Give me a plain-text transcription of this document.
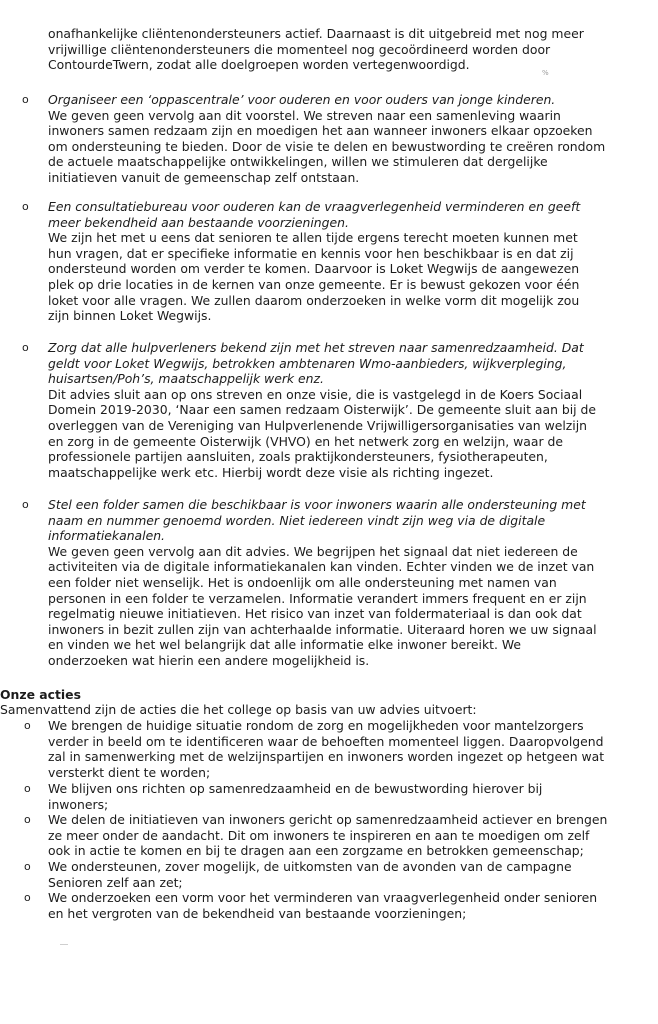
onafhankelijke cliëntenondersteuners actief. Daarnaast is dit uitgebreid met nog meer
vrijwillige cliëntenondersteuners die momenteel nog gecoördineerd worden door
ContourdeTwern, zodat alle doelgroepen worden vertegenwoordigd.
%
o Organiseer een ‘oppascentrale’ voor ouderen en voor ouders van jonge kinderen.
We geven geen vervolg aan dit voorstel. We streven naar een samenleving waarin
inwoners samen redzaam zijn en moedigen het aan wanneer inwoners elkaar opzoeken
om ondersteuning te bieden. Door de visie te delen en bewustwording te creëren rondom
de actuele maatschappelijke ontwikkelingen, willen we stimuleren dat dergelijke
initiatieven vanuit de gemeenschap zelf ontstaan.
o Een consultatiebureau voor ouderen kan de vraagverlegenheid verminderen en geeft
meer bekendheid aan bestaande voorzieningen.
We zijn het met u eens dat senioren te allen tijde ergens terecht moeten kunnen met
hun vragen, dat er specifieke informatie en kennis voor hen beschikbaar is en dat zij
ondersteund worden om verder te komen. Daarvoor is Loket Wegwijs de aangewezen
plek op drie locaties in de kernen van onze gemeente. Er is bewust gekozen voor één
loket voor alle vragen. We zullen daarom onderzoeken in welke vorm dit mogelijk zou
zijn binnen Loket Wegwijs.
o Zorg dat alle hulpverleners bekend zijn met het streven naar samenredzaamheid. Dat
geldt voor Loket Wegwijs, betrokken ambtenaren Wmo-aanbieders, wijkverpleging,
huisartsen/Poh’s, maatschappelijk werk enz.
Dit advies sluit aan op ons streven en onze visie, die is vastgelegd in de Koers Sociaal
Domein 2019-2030, ‘Naar een samen redzaam Oisterwijk’. De gemeente sluit aan bij de
overleggen van de Vereniging van Hulpverlenende Vrijwilligersorganisaties van welzijn
en zorg in de gemeente Oisterwijk (VHVO) en het netwerk zorg en welzijn, waar de
professionele partijen aansluiten, zoals praktijkondersteuners, fysiotherapeuten,
maatschappelijke werk etc. Hierbij wordt deze visie als richting ingezet.
o Stel een folder samen die beschikbaar is voor inwoners waarin alle ondersteuning met
naam en nummer genoemd worden. Niet iedereen vindt zijn weg via de digitale
informatiekanalen.
We geven geen vervolg aan dit advies. We begrijpen het signaal dat niet iedereen de
activiteiten via de digitale informatiekanalen kan vinden. Echter vinden we de inzet van
een folder niet wenselijk. Het is ondoenlijk om alle ondersteuning met namen van
personen in een folder te verzamelen. Informatie verandert immers frequent en er zijn
regelmatig nieuwe initiatieven. Het risico van inzet van foldermateriaal is dan ook dat
inwoners in bezit zullen zijn van achterhaalde informatie. Uiteraard horen we uw signaal
en vinden we het wel belangrijk dat alle informatie elke inwoner bereikt. We
onderzoeken wat hierin een andere mogelijkheid is.
Onze acties
Samenvattend zijn de acties die het college op basis van uw advies uitvoert:
o We brengen de huidige situatie rondom de zorg en mogelijkheden voor mantelzorgers
verder in beeld om te identificeren waar de behoeften momenteel liggen. Daaropvolgend
zal in samenwerking met de welzijnspartijen en inwoners worden ingezet op hetgeen wat
versterkt dient te worden;
o We blijven ons richten op samenredzaamheid en de bewustwording hierover bij
inwoners;
o We delen de initiatieven van inwoners gericht op samenredzaamheid actiever en brengen
ze meer onder de aandacht. Dit om inwoners te inspireren en aan te moedigen om zelf
ook in actie te komen en bij te dragen aan een zorgzame en betrokken gemeenschap;
o We ondersteunen, zover mogelijk, de uitkomsten van de avonden van de campagne
Senioren zelf aan zet;
o We onderzoeken een vorm voor het verminderen van vraagverlegenheid onder senioren
en het vergroten van de bekendheid van bestaande voorzieningen;
